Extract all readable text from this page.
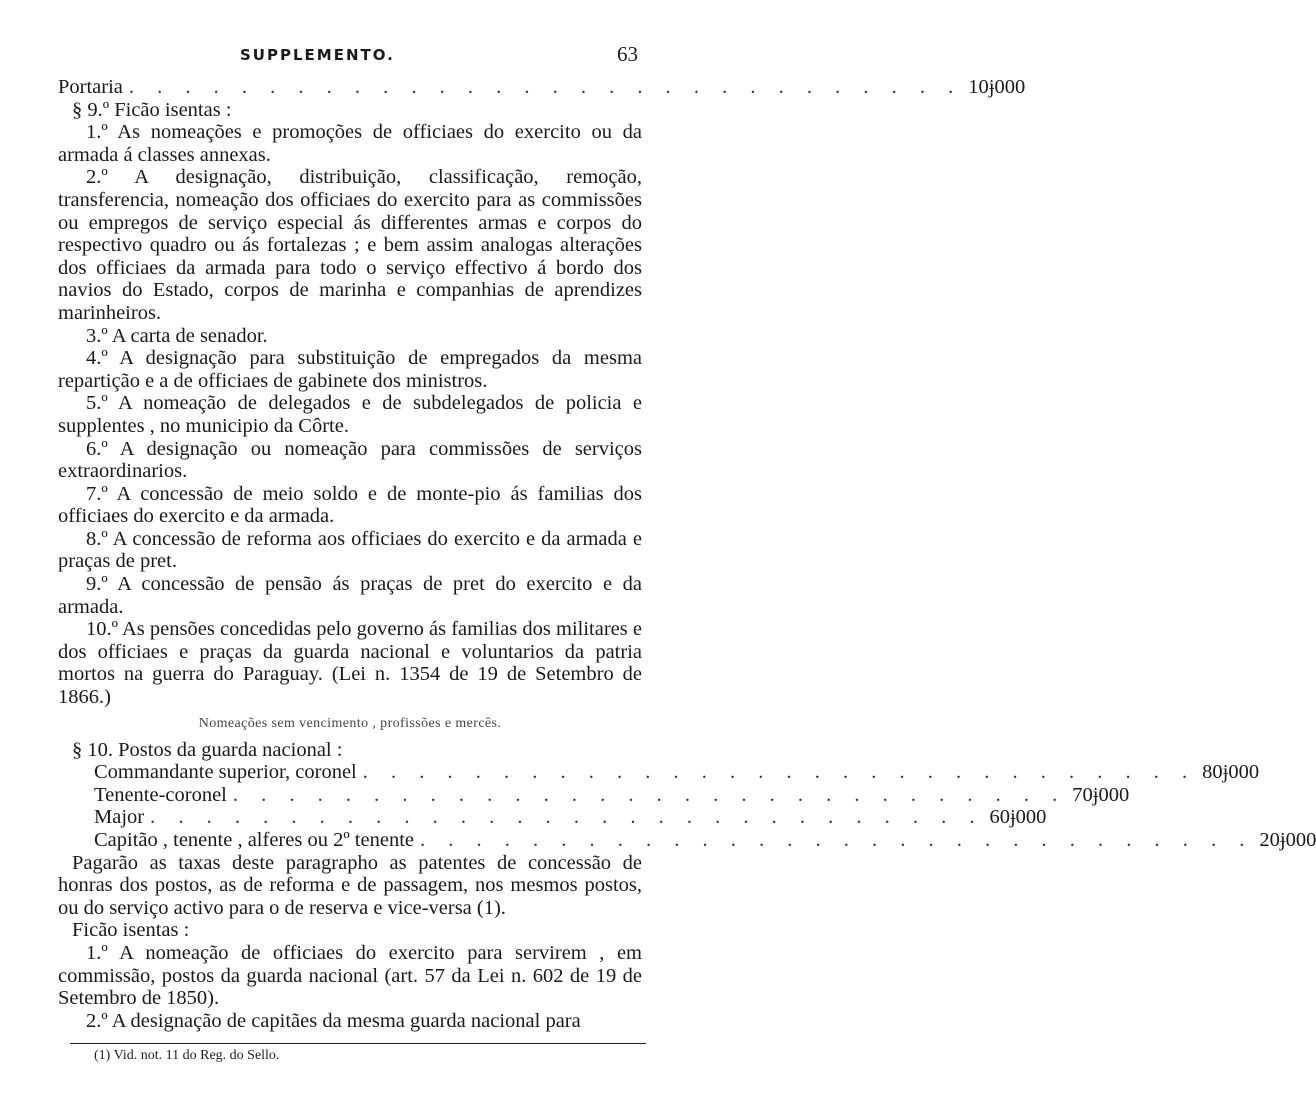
SUPPLEMENTO.	63
Portaria . . . . . . . . . . . . . . . . . . . . . . . . . . . . . . 10ɉ000
§ 9.º Ficão isentas :
1.º As nomeações e promoções de officiaes do exercito ou da armada á classes annexas.
2.º A designação, distribuição, classificação, remoção, transferencia, nomeação dos officiaes do exercito para as commissões ou empregos de serviço especial ás differentes armas e corpos do respectivo quadro ou ás fortalezas ; e bem assim analogas alterações dos officiaes da armada para todo o serviço effectivo á bordo dos navios do Estado, corpos de marinha e companhias de aprendizes marinheiros.
3.º A carta de senador.
4.º A designação para substituição de empregados da mesma repartição e a de officiaes de gabinete dos ministros.
5.º A nomeação de delegados e de subdelegados de policia e supplentes , no municipio da Côrte.
6.º A designação ou nomeação para commissões de serviços extraordinarios.
7.º A concessão de meio soldo e de monte-pio ás familias dos officiaes do exercito e da armada.
8.º A concessão de reforma aos officiaes do exercito e da armada e praças de pret.
9.º A concessão de pensão ás praças de pret do exercito e da armada.
10.º As pensões concedidas pelo governo ás familias dos militares e dos officiaes e praças da guarda nacional e voluntarios da patria mortos na guerra do Paraguay. (Lei n. 1354 de 19 de Setembro de 1866.)
Nomeações sem vencimento , profissões e mercês.
§ 10. Postos da guarda nacional :
Commandante superior, coronel . . . . . . . . . . . . . . . . . . . . . . . . . . . . . . 80ɉ000
Tenente-coronel . . . . . . . . . . . . . . . . . . . . . . . . . . . . . . 70ɉ000
Major . . . . . . . . . . . . . . . . . . . . . . . . . . . . . . 60ɉ000
Capitão , tenente , alferes ou 2º tenente . . . . . . . . . . . . . . . . . . . . . . . . . . . . . . 20ɉ000
Pagarão as taxas deste paragrapho as patentes de concessão de honras dos postos, as de reforma e de passagem, nos mesmos postos, ou do serviço activo para o de reserva e vice-versa (1).
Ficão isentas :
1.º A nomeação de officiaes do exercito para servirem , em commissão, postos da guarda nacional (art. 57 da Lei n. 602 de 19 de Setembro de 1850).
2.º A designação de capitães da mesma guarda nacional para
(1) Vid. not. 11 do Reg. do Sello.
